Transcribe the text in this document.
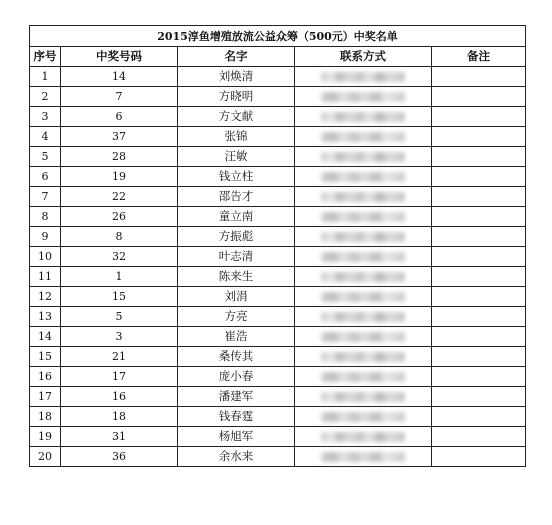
2015淳鱼增殖放流公益众筹（500元）中奖名单				
序号	中奖号码	名字	联系方式	备注
1	14	刘焕清		
2	7	方晓明		
3	6	方文献		
4	37	张锦		
5	28	汪敏		
6	19	钱立柱		
7	22	邵告才		
8	26	童立南		
9	8	方振彪		
10	32	叶志清		
11	1	陈来生		
12	15	刘涓		
13	5	方亮		
14	3	崔浩		
15	21	桑传其		
16	17	庞小春		
17	16	潘建军		
18	18	钱春霆		
19	31	杨旭军		
20	36	余水来		
